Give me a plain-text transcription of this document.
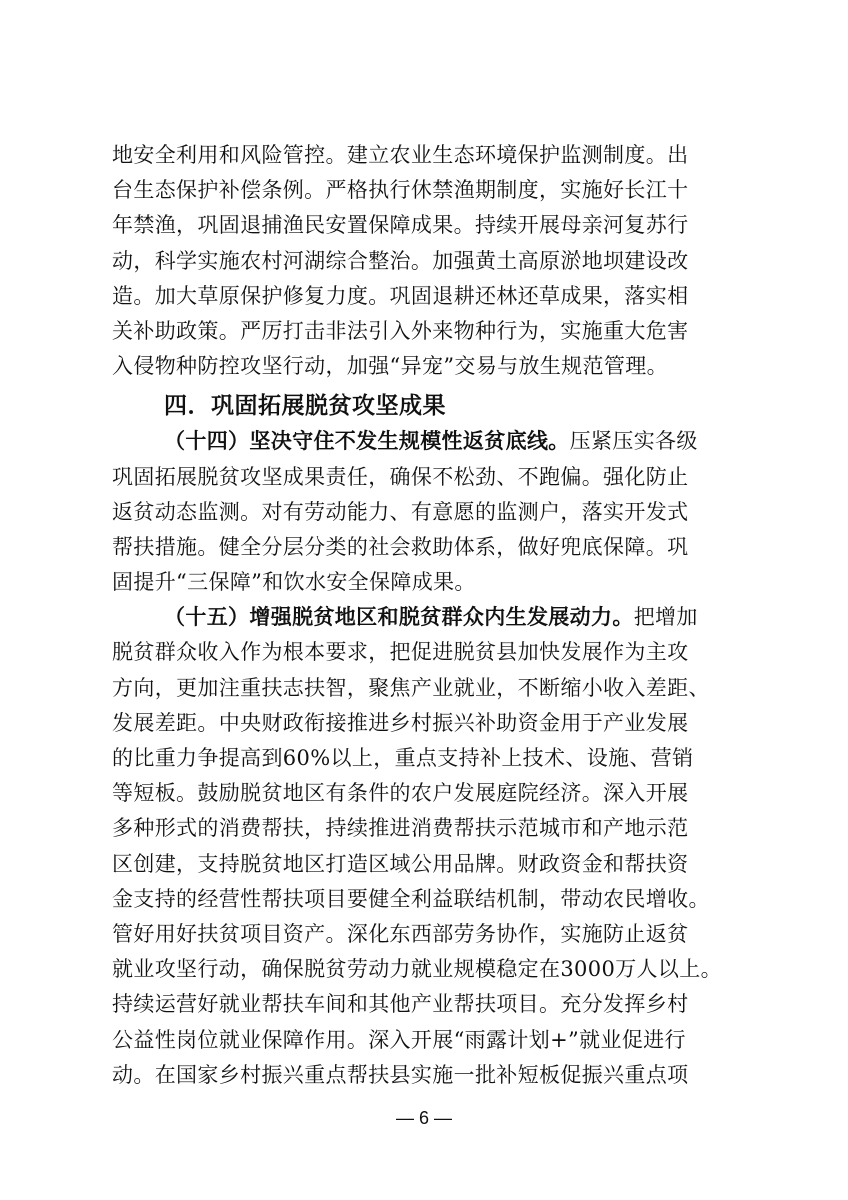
地安全利用和风险管控。建立农业生态环境保护监测制度。出
台生态保护补偿条例。严格执行休禁渔期制度，实施好长江十
年禁渔，巩固退捕渔民安置保障成果。持续开展母亲河复苏行
动，科学实施农村河湖综合整治。加强黄土高原淤地坝建设改
造。加大草原保护修复力度。巩固退耕还林还草成果，落实相
关补助政策。严厉打击非法引入外来物种行为，实施重大危害
入侵物种防控攻坚行动，加强“异宠”交易与放生规范管理。
四．巩固拓展脱贫攻坚成果
（十四）坚决守住不发生规模性返贫底线。压紧压实各级
巩固拓展脱贫攻坚成果责任，确保不松劲、不跑偏。强化防止
返贫动态监测。对有劳动能力、有意愿的监测户，落实开发式
帮扶措施。健全分层分类的社会救助体系，做好兜底保障。巩
固提升“三保障”和饮水安全保障成果。
（十五）增强脱贫地区和脱贫群众内生发展动力。把增加
脱贫群众收入作为根本要求，把促进脱贫县加快发展作为主攻
方向，更加注重扶志扶智，聚焦产业就业，不断缩小收入差距、
发展差距。中央财政衔接推进乡村振兴补助资金用于产业发展
的比重力争提高到60%以上，重点支持补上技术、设施、营销
等短板。鼓励脱贫地区有条件的农户发展庭院经济。深入开展
多种形式的消费帮扶，持续推进消费帮扶示范城市和产地示范
区创建，支持脱贫地区打造区域公用品牌。财政资金和帮扶资
金支持的经营性帮扶项目要健全利益联结机制，带动农民增收。
管好用好扶贫项目资产。深化东西部劳务协作，实施防止返贫
就业攻坚行动，确保脱贫劳动力就业规模稳定在3000万人以上。
持续运营好就业帮扶车间和其他产业帮扶项目。充分发挥乡村
公益性岗位就业保障作用。深入开展“雨露计划+”就业促进行
动。在国家乡村振兴重点帮扶县实施一批补短板促振兴重点项
— 6 —
